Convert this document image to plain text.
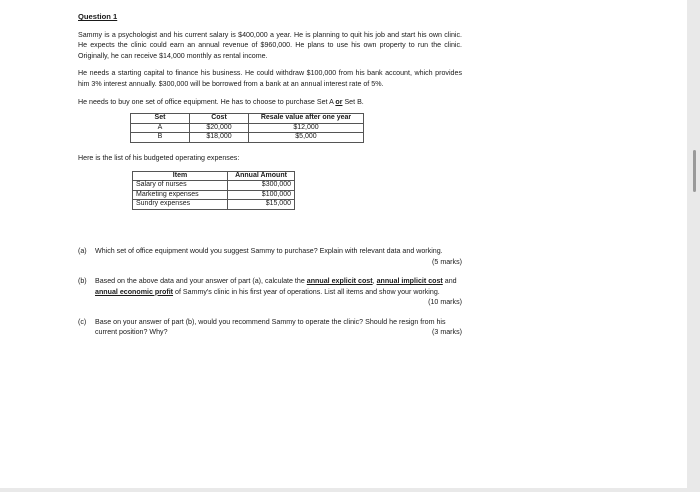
Question 1

Sammy is a psychologist and his current salary is $400,000 a year. He is planning to quit his job and start his own clinic. He expects the clinic could earn an annual revenue of $960,000. He plans to use his own property to run the clinic. Originally, he can receive $14,000 monthly as rental income.

He needs a starting capital to finance his business. He could withdraw $100,000 from his bank account, which provides him 3% interest annually. $300,000 will be borrowed from a bank at an annual interest rate of 5%.

He needs to buy one set of office equipment. He has to choose to purchase Set A or Set B.

Set	Cost	Resale value after one year
A	$20,000	$12,000
B	$18,000	$5,000

Here is the list of his budgeted operating expenses:

Item	Annual Amount
Salary of nurses	$300,000
Marketing expenses	$100,000
Sundry expenses	$15,000
(a) Which set of office equipment would you suggest Sammy to purchase? Explain with relevant data and working.
(5 marks)
(b) Based on the above data and your answer of part (a), calculate the annual explicit cost, annual implicit cost and annual economic profit of Sammy's clinic in his first year of operations. List all items and show your working.
(10 marks)
(c) Base on your answer of part (b), would you recommend Sammy to operate the clinic? Should he resign from his current position? Why?	(3 marks)
